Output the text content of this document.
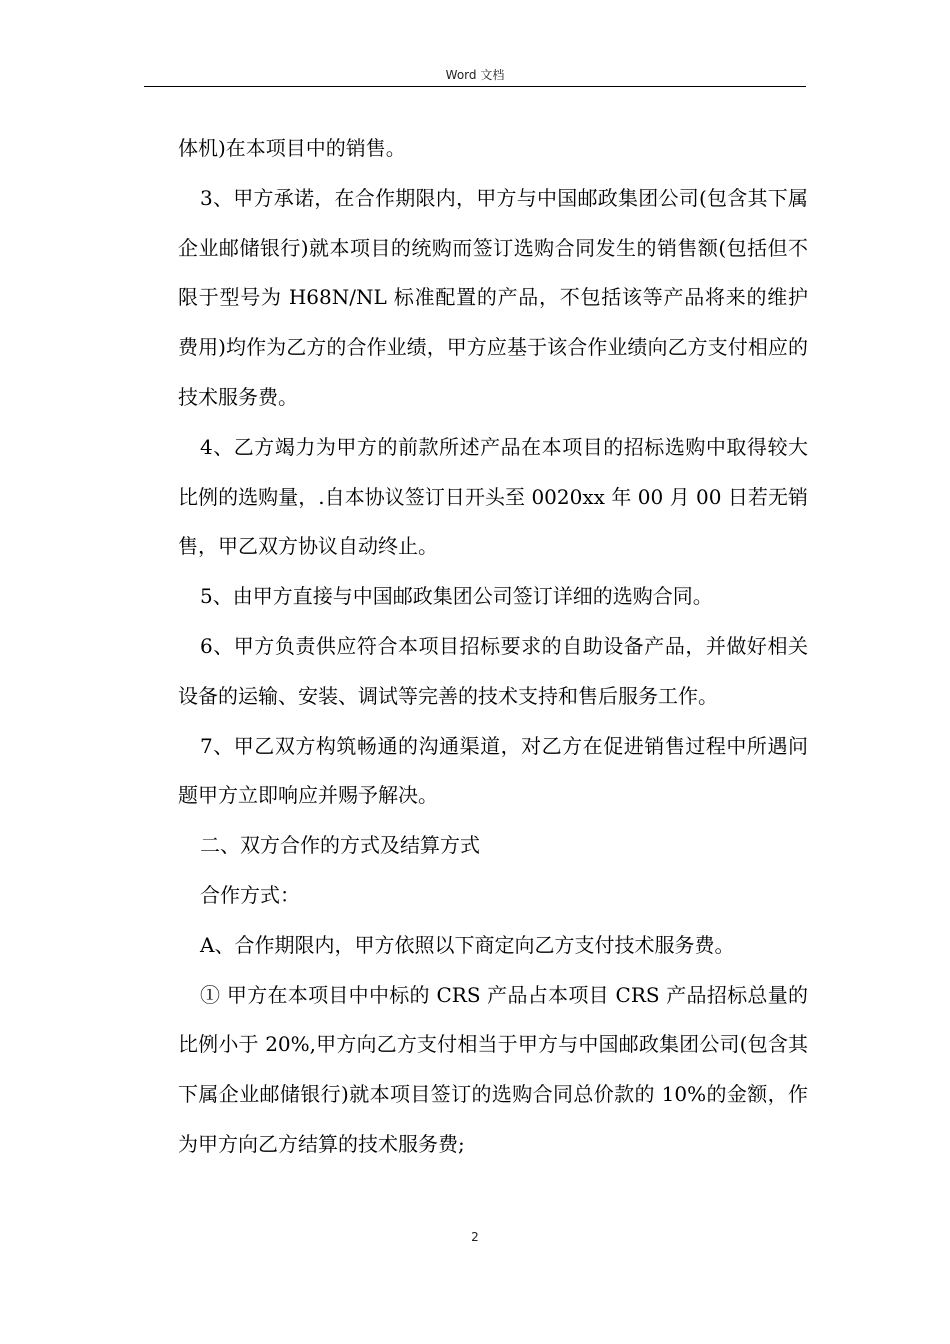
Word 文档

体机)在本项目中的销售。

3、甲方承诺，在合作期限内，甲方与中国邮政集团公司(包含其下属企业邮储银行)就本项目的统购而签订选购合同发生的销售额(包括但不限于型号为 H68N/NL 标准配置的产品，不包括该等产品将来的维护费用)均作为乙方的合作业绩，甲方应基于该合作业绩向乙方支付相应的技术服务费。

4、乙方竭力为甲方的前款所述产品在本项目的招标选购中取得较大比例的选购量，.自本协议签订日开头至 0020xx 年 00 月 00 日若无销售，甲乙双方协议自动终止。

5、由甲方直接与中国邮政集团公司签订详细的选购合同。

6、甲方负责供应符合本项目招标要求的自助设备产品，并做好相关设备的运输、安装、调试等完善的技术支持和售后服务工作。

7、甲乙双方构筑畅通的沟通渠道，对乙方在促进销售过程中所遇问题甲方立即响应并赐予解决。

二、双方合作的方式及结算方式

合作方式：

A、合作期限内，甲方依照以下商定向乙方支付技术服务费。

① 甲方在本项目中中标的 CRS 产品占本项目 CRS 产品招标总量的比例小于 20%,甲方向乙方支付相当于甲方与中国邮政集团公司(包含其下属企业邮储银行)就本项目签订的选购合同总价款的 10%的金额，作为甲方向乙方结算的技术服务费;

2
